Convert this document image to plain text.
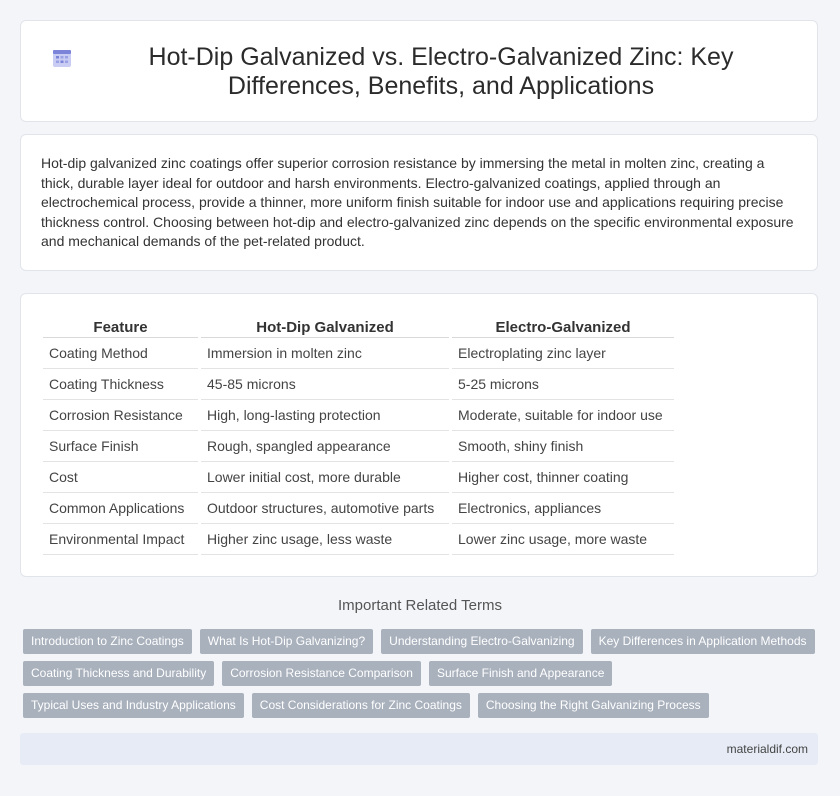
Hot-Dip Galvanized vs. Electro-Galvanized Zinc: Key Differences, Benefits, and Applications

Hot-dip galvanized zinc coatings offer superior corrosion resistance by immersing the metal in molten zinc, creating a thick, durable layer ideal for outdoor and harsh environments. Electro-galvanized coatings, applied through an electrochemical process, provide a thinner, more uniform finish suitable for indoor use and applications requiring precise thickness control. Choosing between hot-dip and electro-galvanized zinc depends on the specific environmental exposure and mechanical demands of the pet-related product.

Feature	Hot-Dip Galvanized	Electro-Galvanized
Coating Method	Immersion in molten zinc	Electroplating zinc layer
Coating Thickness	45-85 microns	5-25 microns
Corrosion Resistance	High, long-lasting protection	Moderate, suitable for indoor use
Surface Finish	Rough, spangled appearance	Smooth, shiny finish
Cost	Lower initial cost, more durable	Higher cost, thinner coating
Common Applications	Outdoor structures, automotive parts	Electronics, appliances
Environmental Impact	Higher zinc usage, less waste	Lower zinc usage, more waste
Important Related Terms
Introduction to Zinc Coatings	What Is Hot-Dip Galvanizing?	Understanding Electro-Galvanizing	Key Differences in Application Methods
Coating Thickness and Durability	Corrosion Resistance Comparison	Surface Finish and Appearance
Typical Uses and Industry Applications	Cost Considerations for Zinc Coatings	Choosing the Right Galvanizing Process
materialdif.com
